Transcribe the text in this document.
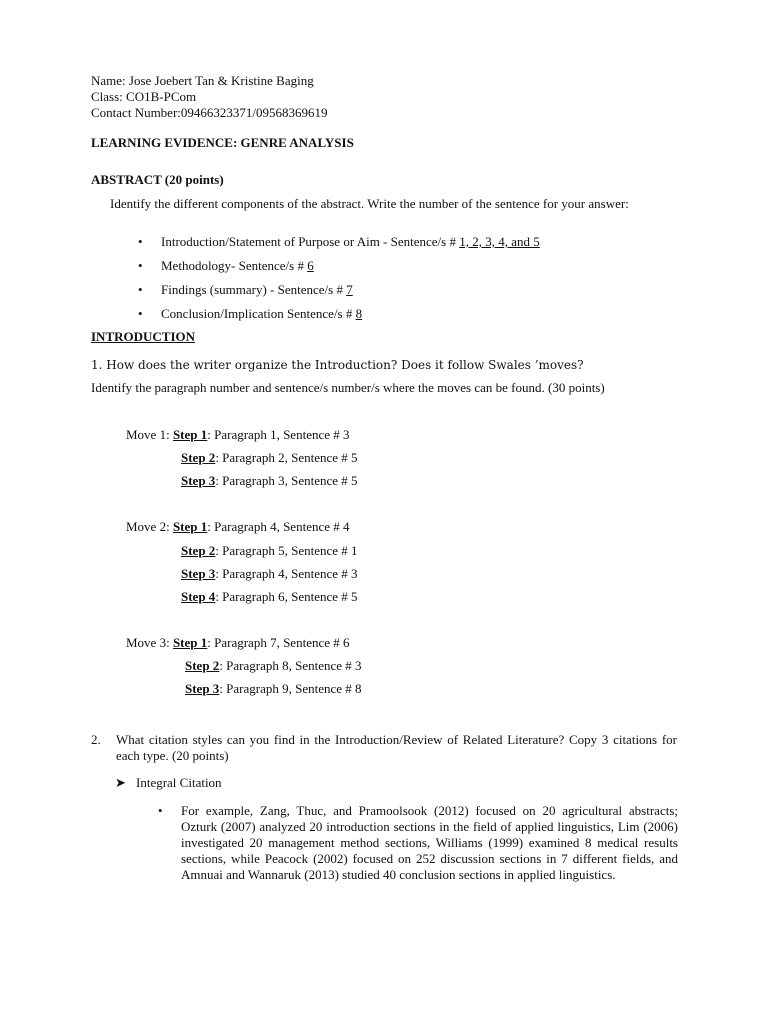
Name: Jose Joebert Tan & Kristine Baging
Class: CO1B-PCom
Contact Number:09466323371/09568369619
LEARNING EVIDENCE: GENRE ANALYSIS
ABSTRACT (20 points)
Identify the different components of the abstract. Write the number of the sentence for your answer:
• Introduction/Statement of Purpose or Aim - Sentence/s # 1, 2, 3, 4, and 5
• Methodology- Sentence/s # 6
• Findings (summary) - Sentence/s # 7
• Conclusion/Implication Sentence/s # 8
INTRODUCTION
1. How does the writer organize the Introduction? Does it follow Swales ’moves?
Identify the paragraph number and sentence/s number/s where the moves can be found. (30 points)
Move 1: Step 1: Paragraph 1, Sentence # 3
Step 2: Paragraph 2, Sentence # 5
Step 3: Paragraph 3, Sentence # 5
Move 2: Step 1: Paragraph 4, Sentence # 4
Step 2: Paragraph 5, Sentence # 1
Step 3: Paragraph 4, Sentence # 3
Step 4: Paragraph 6, Sentence # 5
Move 3: Step 1: Paragraph 7, Sentence # 6
Step 2: Paragraph 8, Sentence # 3
Step 3: Paragraph 9, Sentence # 8
2. What citation styles can you find in the Introduction/Review of Related Literature? Copy 3 citations for each type. (20 points)
➤ Integral Citation
• For example, Zang, Thuc, and Pramoolsook (2012) focused on 20 agricultural abstracts; Ozturk (2007) analyzed 20 introduction sections in the field of applied linguistics, Lim (2006) investigated 20 management method sections, Williams (1999) examined 8 medical results sections, while Peacock (2002) focused on 252 discussion sections in 7 different fields, and Amnuai and Wannaruk (2013) studied 40 conclusion sections in applied linguistics.
